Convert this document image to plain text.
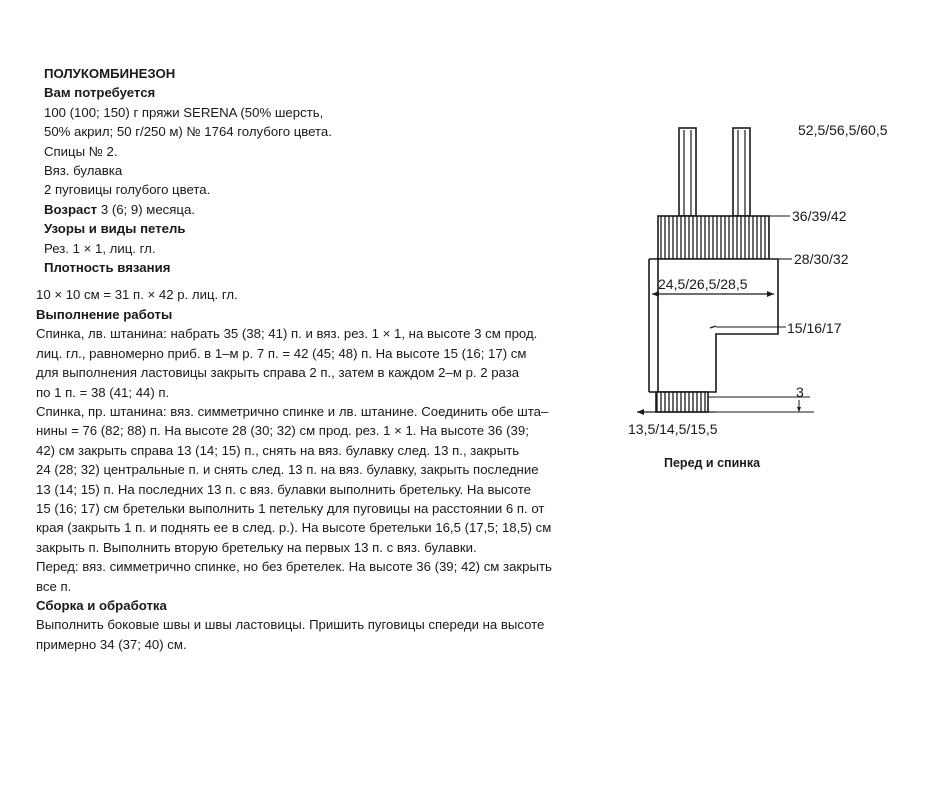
ПОЛУКОМБИНЕЗОН
Вам потребуется
100 (100; 150) г пряжи SERENA (50% шерсть,
50% акрил; 50 г/250 м) № 1764 голубого цвета.
Спицы № 2.
Вяз. булавка
2 пуговицы голубого цвета.
Возраст 3 (6; 9) месяца.
Узоры и виды петель
Рез. 1 × 1, лиц. гл.
Плотность вязания
10 × 10 см = 31 п. × 42 р. лиц. гл.
Выполнение работы
Спинка, лв. штанина: набрать 35 (38; 41) п. и вяз. рез. 1 × 1, на высоте 3 см прод.
лиц. гл., равномерно приб. в 1–м р. 7 п. = 42 (45; 48) п. На высоте 15 (16; 17) см
для выполнения ластовицы закрыть справа 2 п., затем в каждом 2–м р. 2 раза
по 1 п. = 38 (41; 44) п.
Спинка, пр. штанина: вяз. симметрично спинке и лв. штанине. Соединить обе шта–
нины = 76 (82; 88) п. На высоте 28 (30; 32) см прод. рез. 1 × 1. На высоте 36 (39;
42) см закрыть справа 13 (14; 15) п., снять на вяз. булавку след. 13 п., закрыть
24 (28; 32) центральные п. и снять след. 13 п. на вяз. булавку, закрыть последние
13 (14; 15) п. На последних 13 п. с вяз. булавки выполнить бретельку. На высоте
15 (16; 17) см бретельки выполнить 1 петельку для пуговицы на расстоянии 6 п. от
края (закрыть 1 п. и поднять ее в след. р.). На высоте бретельки 16,5 (17,5; 18,5) см
закрыть п. Выполнить вторую бретельку на первых 13 п. с вяз. булавки.
Перед: вяз. симметрично спинке, но без бретелек. На высоте 36 (39; 42) см закрыть
все п.
Сборка и обработка
Выполнить боковые швы и швы ластовицы. Пришить пуговицы спереди на высоте
примерно 34 (37; 40) см.
52,5/56,5/60,5
36/39/42
28/30/32
24,5/26,5/28,5
15/16/17
3
13,5/14,5/15,5
Перед и спинка
